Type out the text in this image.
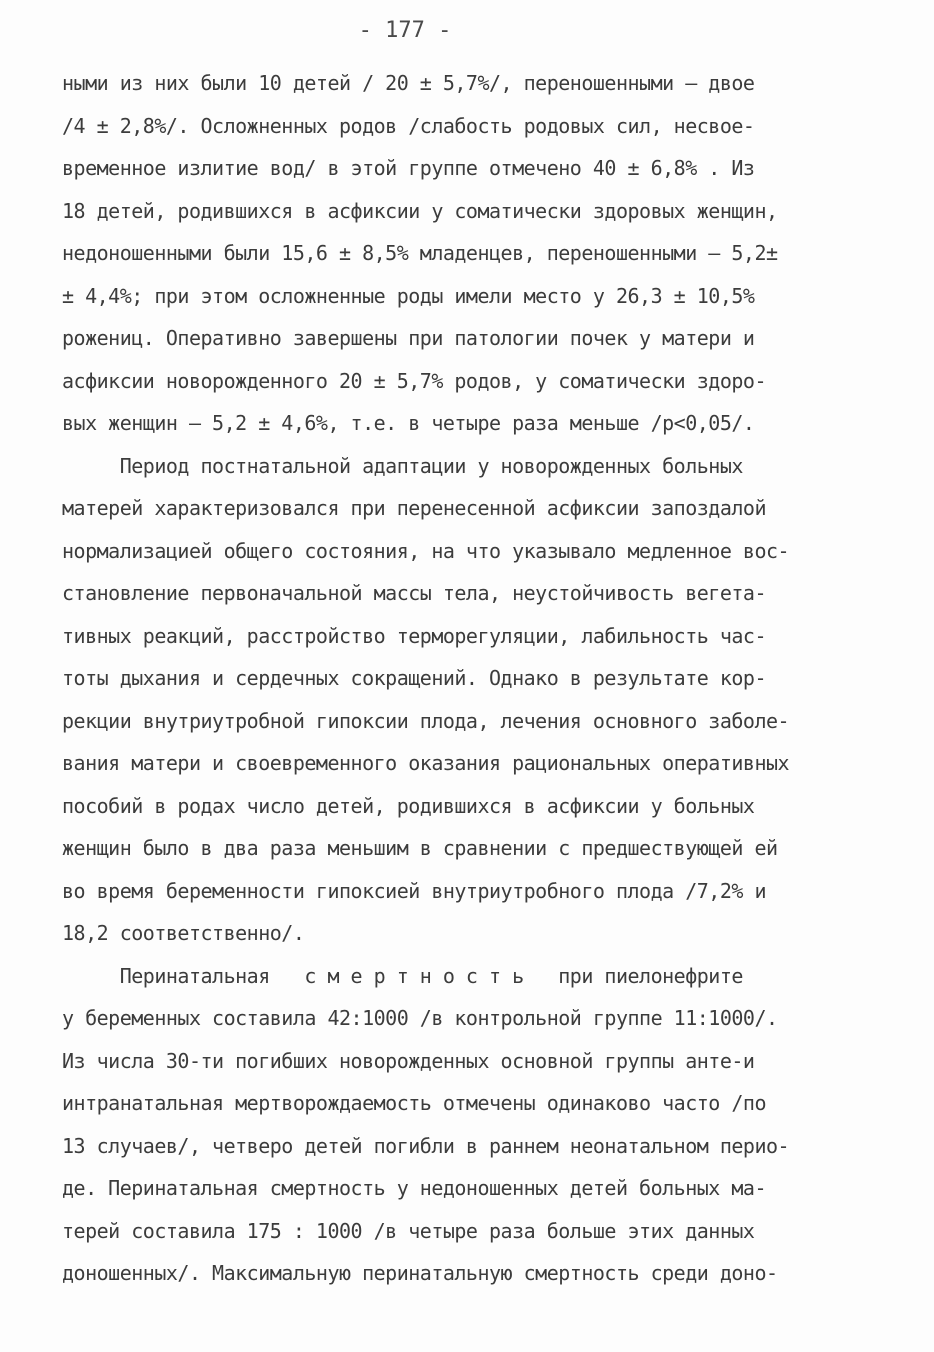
- 177 -
ными из них были 10 детей / 20 ± 5,7%/, переношенными – двое
/4 ± 2,8%/. Осложненных родов /слабость родовых сил, несвое-
временное излитие вод/ в этой группе отмечено 40 ± 6,8% . Из
18 детей, родившихся в асфиксии у соматически здоровых женщин,
недоношенными были 15,6 ± 8,5% младенцев, переношенными – 5,2±
± 4,4%; при этом осложненные роды имели место у 26,3 ± 10,5%
рожениц. Оперативно завершены при патологии почек у матери и
асфиксии новорожденного 20 ± 5,7% родов, у соматически здоро-
вых женщин – 5,2 ± 4,6%, т.е. в четыре раза меньше /р<0,05/.
Период постнатальной адаптации у новорожденных больных
матерей характеризовался при перенесенной асфиксии запоздалой
нормализацией общего состояния, на что указывало медленное вос-
становление первоначальной массы тела, неустойчивость вегета-
тивных реакций, расстройство терморегуляции, лабильность час-
тоты дыхания и сердечных сокращений. Однако в результате кор-
рекции внутриутробной гипоксии плода, лечения основного заболе-
вания матери и своевременного оказания рациональных оперативных
пособий в родах число детей, родившихся в асфиксии у больных
женщин было в два раза меньшим в сравнении с предшествующей ей
во время беременности гипоксией внутриутробного плода /7,2% и
18,2 соответственно/.
Перинатальная   с м е р т н о с т ь   при пиелонефрите
у беременных составила 42:1000 /в контрольной группе 11:1000/.
Из числа 30-ти погибших новорожденных основной группы анте-и
интранатальная мертворождаемость отмечены одинаково часто /по
13 случаев/, четверо детей погибли в раннем неонатальном перио-
де. Перинатальная смертность у недоношенных детей больных ма-
терей составила 175 : 1000 /в четыре раза больше этих данных
доношенных/. Максимальную перинатальную смертность среди доно-
